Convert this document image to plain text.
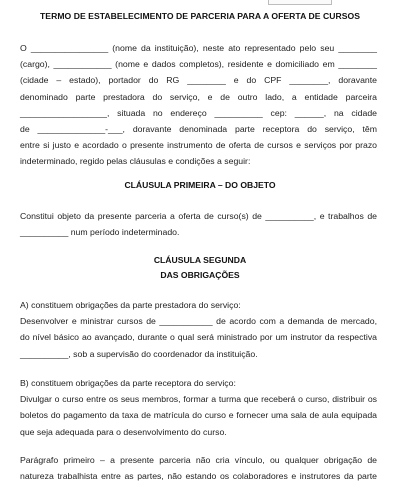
TERMO DE ESTABELECIMENTO DE PARCERIA PARA A OFERTA DE CURSOS
O ________________ (nome da instituição), neste ato representado pelo seu ________
(cargo), ____________ (nome e dados completos), residente e domiciliado em ________
(cidade – estado), portador do RG ________ e do CPF ________, doravante
denominado parte prestadora do serviço, e de outro lado, a entidade parceira
__________________, situada no endereço __________ cep: ______, na cidade
de ______________-___, doravante denominada parte receptora do serviço, têm
entre si justo e acordado o presente instrumento de oferta de cursos e serviços por prazo
indeterminado, regido pelas cláusulas e condições a seguir:
CLÁUSULA PRIMEIRA – DO OBJETO
Constitui objeto da presente parceria a oferta de curso(s) de __________, e trabalhos de
__________ num período indeterminado.
CLÁUSULA SEGUNDA
DAS OBRIGAÇÕES
A) constituem obrigações da parte prestadora do serviço:
Desenvolver e ministrar cursos de ___________ de acordo com a demanda de mercado,
do nível básico ao avançado, durante o qual será ministrado por um instrutor da respectiva
__________, sob a supervisão do coordenador da instituição.
B) constituem obrigações da parte receptora do serviço:
Divulgar o curso entre os seus membros, formar a turma que receberá o curso, distribuir os
boletos do pagamento da taxa de matrícula do curso e fornecer uma sala de aula equipada
que seja adequada para o desenvolvimento do curso.
Parágrafo primeiro – a presente parceria não cria vínculo, ou qualquer obrigação de
natureza trabalhista entre as partes, não estando os colaboradores e instrutores da parte
